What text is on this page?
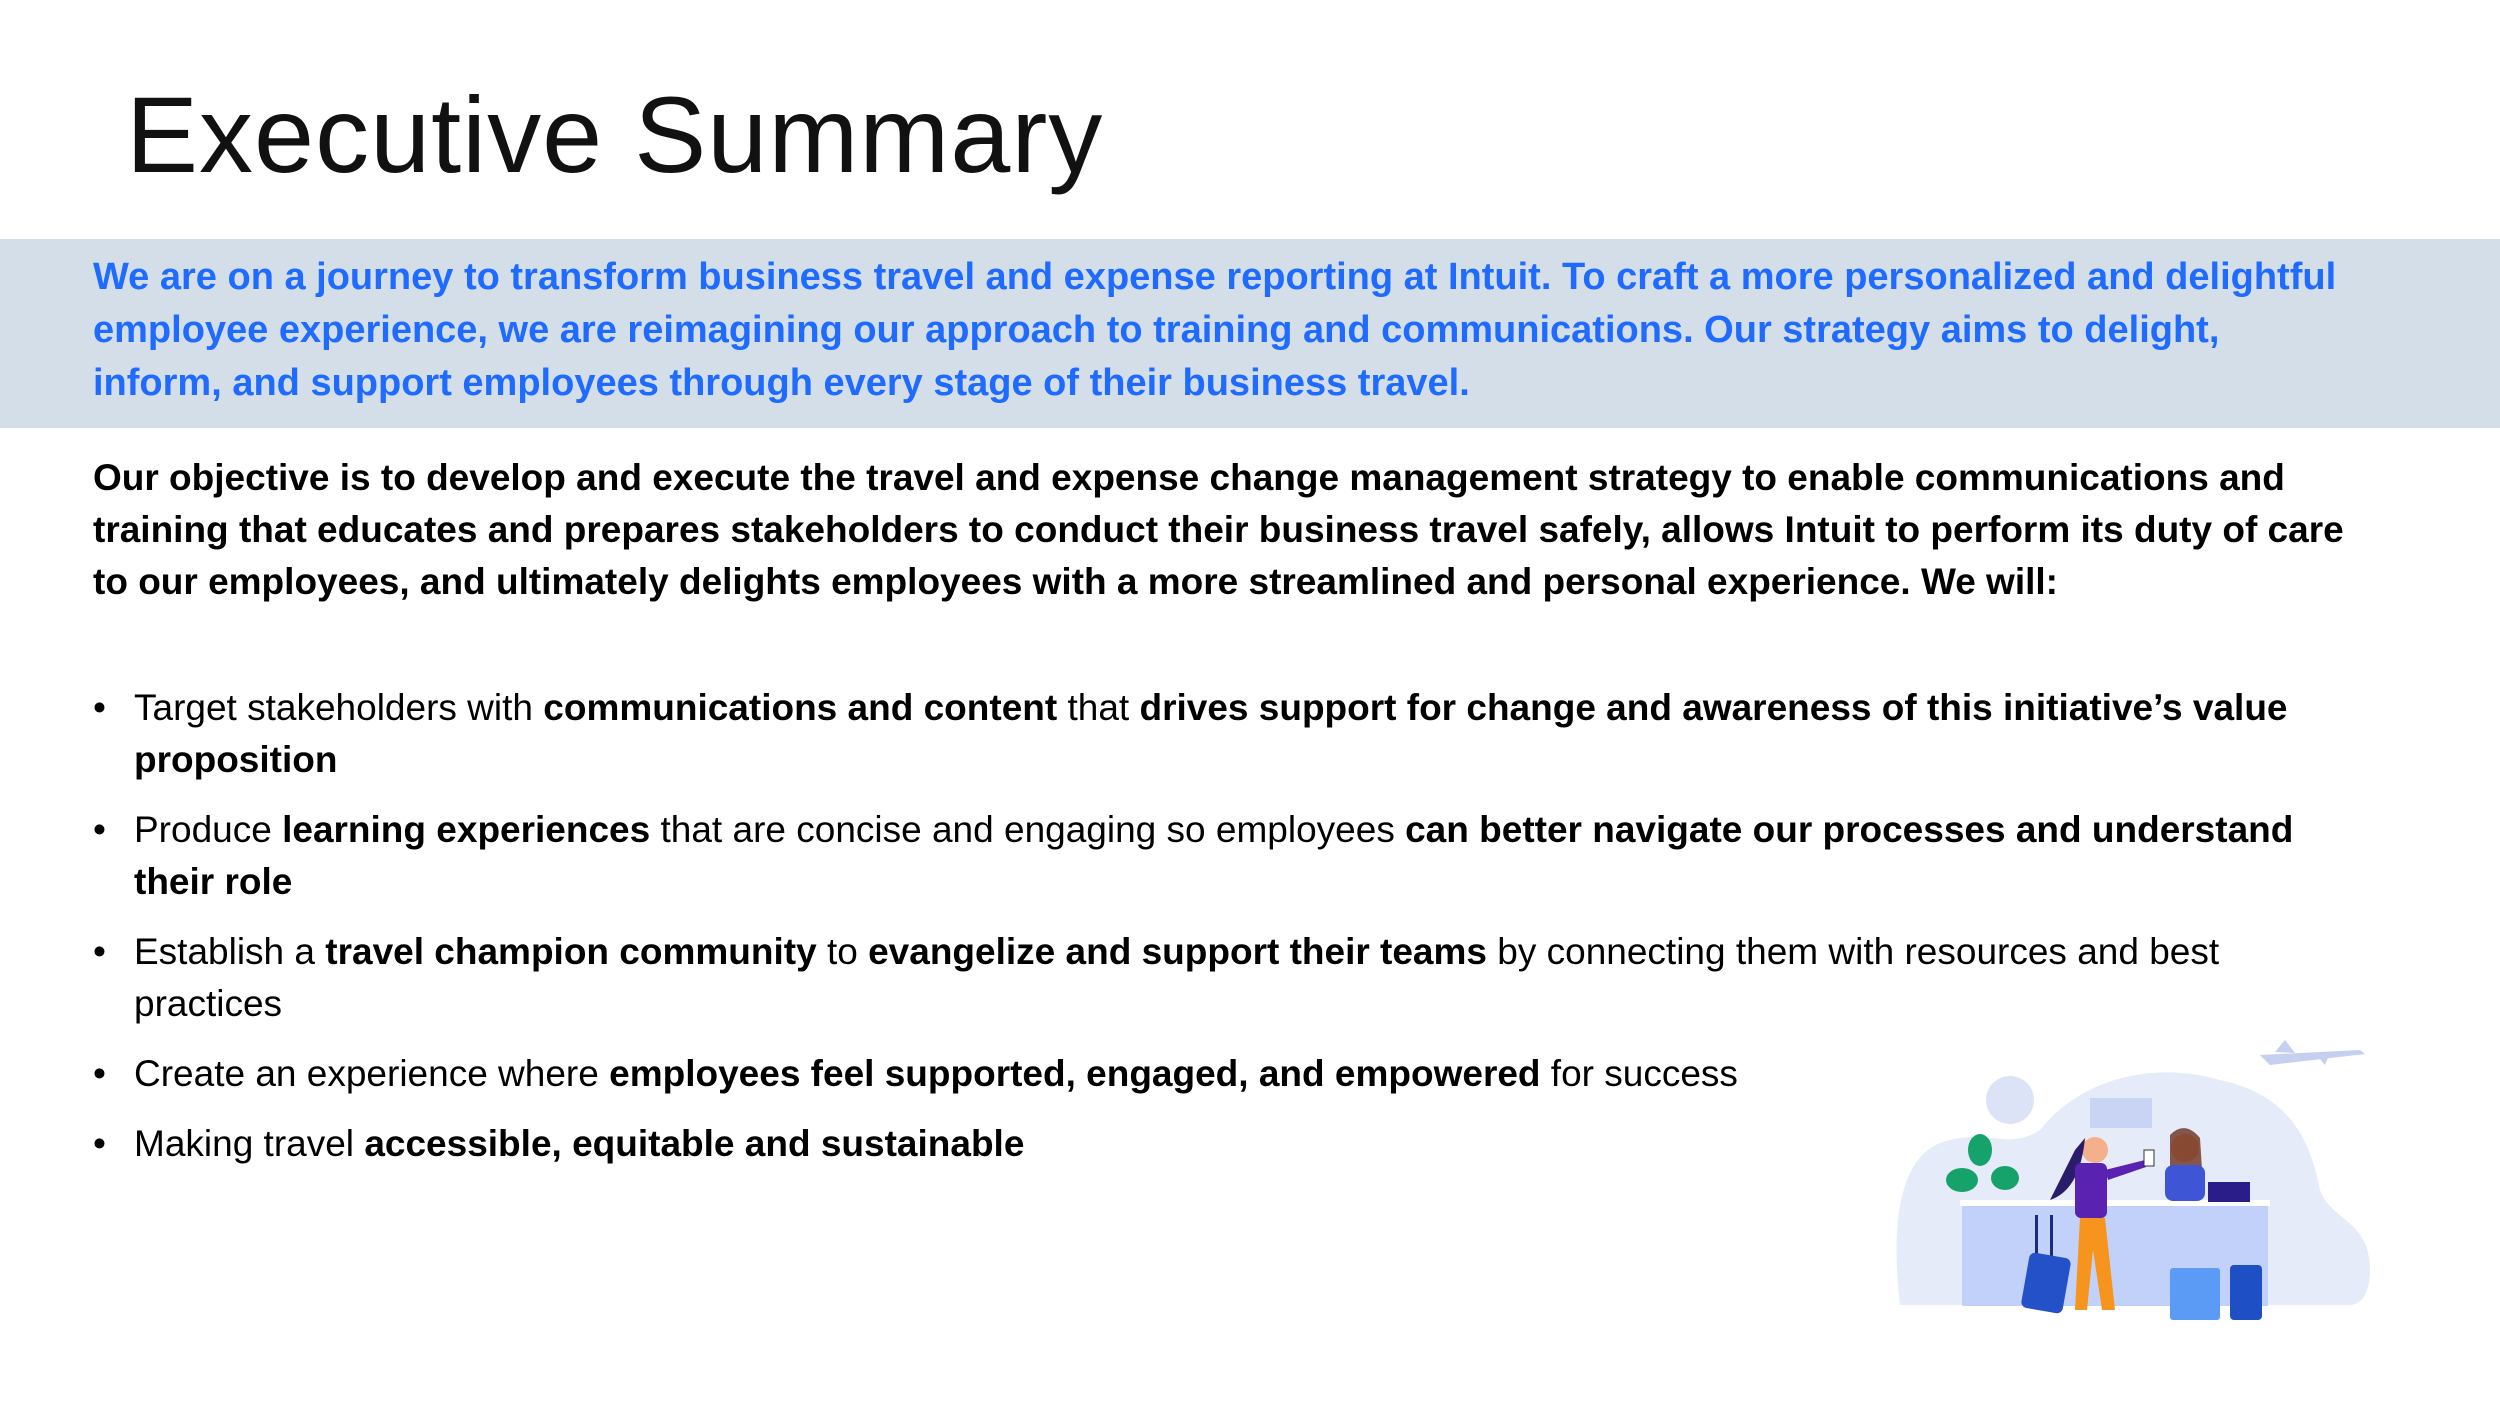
Executive Summary

We are on a journey to transform business travel and expense reporting at Intuit. To craft a more personalized and delightful employee experience, we are reimagining our approach to training and communications. Our strategy aims to delight, inform, and support employees through every stage of their business travel.

Our objective is to develop and execute the travel and expense change management strategy to enable communications and training that educates and prepares stakeholders to conduct their business travel safely, allows Intuit to perform its duty of care to our employees, and ultimately delights employees with a more streamlined and personal experience. We will:

• Target stakeholders with communications and content that drives support for change and awareness of this initiative’s value proposition
• Produce learning experiences that are concise and engaging so employees can better navigate our processes and understand their role
• Establish a travel champion community to evangelize and support their teams by connecting them with resources and best practices
• Create an experience where employees feel supported, engaged, and empowered for success
• Making travel accessible, equitable and sustainable
